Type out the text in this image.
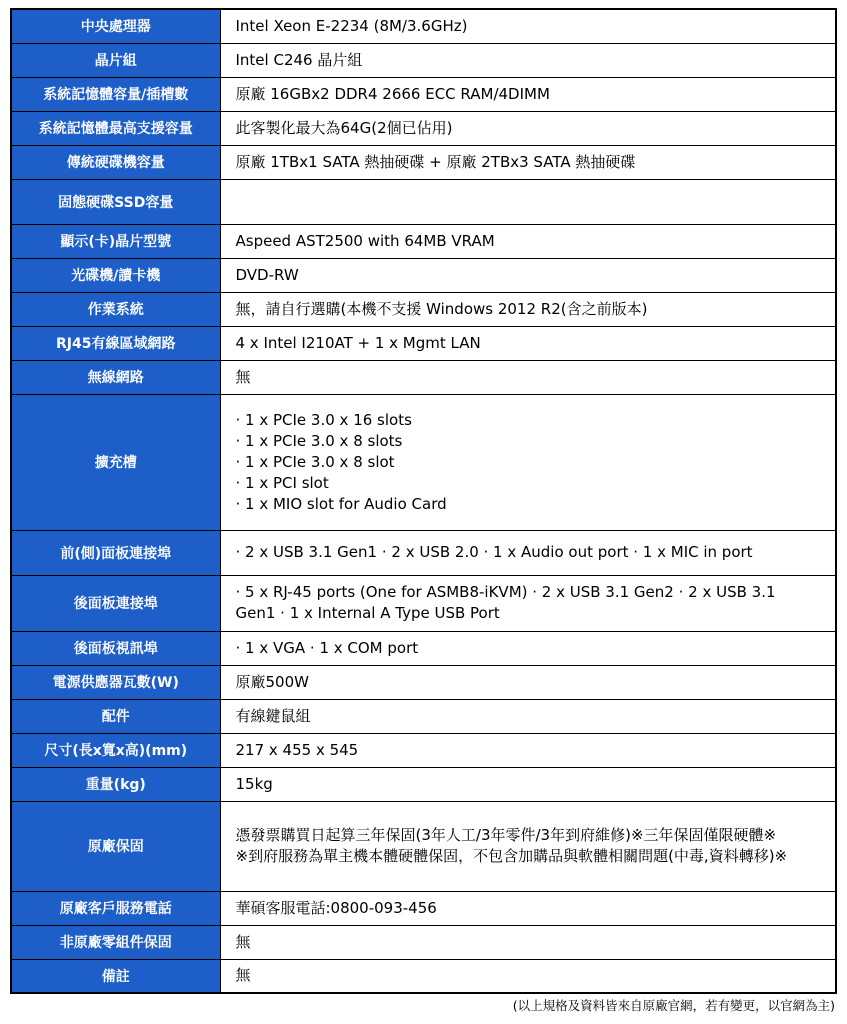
中央處理器	Intel Xeon E-2234 (8M/3.6GHz)
晶片組	Intel C246 晶片組
系統記憶體容量/插槽數	原廠 16GBx2 DDR4 2666 ECC RAM/4DIMM
系統記憶體最高支援容量	此客製化最大為64G(2個已佔用)
傳統硬碟機容量	原廠 1TBx1 SATA 熱抽硬碟 + 原廠 2TBx3 SATA 熱抽硬碟
固態硬碟SSD容量	
顯示(卡)晶片型號	Aspeed AST2500 with 64MB VRAM
光碟機/讀卡機	DVD-RW
作業系統	無，請自行選購(本機不支援 Windows 2012 R2(含之前版本)
RJ45有線區域網路	4 x Intel I210AT + 1 x Mgmt LAN
無線網路	無
擴充槽	· 1 x PCIe 3.0 x 16 slots
· 1 x PCIe 3.0 x 8 slots
· 1 x PCIe 3.0 x 8 slot
· 1 x PCI slot
· 1 x MIO slot for Audio Card

前(側)面板連接埠	· 2 x USB 3.1 Gen1 · 2 x USB 2.0 · 1 x Audio out port · 1 x MIC in port
後面板連接埠	· 5 x RJ-45 ports (One for ASMB8-iKVM) · 2 x USB 3.1 Gen2 · 2 x USB 3.1
Gen1 · 1 x Internal A Type USB Port

後面板視訊埠	· 1 x VGA · 1 x COM port
電源供應器瓦數(W)	原廠500W
配件	有線鍵鼠組
尺寸(長x寬x高)(mm)	217 x 455 x 545
重量(kg)	15kg
原廠保固	憑發票購買日起算三年保固(3年人工/3年零件/3年到府維修)※三年保固僅限硬體※
※到府服務為單主機本體硬體保固，不包含加購品與軟體相關問題(中毒,資料轉移)※

原廠客戶服務電話	華碩客服電話:0800-093-456
非原廠零組件保固	無
備註	無
(以上規格及資料皆來自原廠官網，若有變更，以官網為主)
